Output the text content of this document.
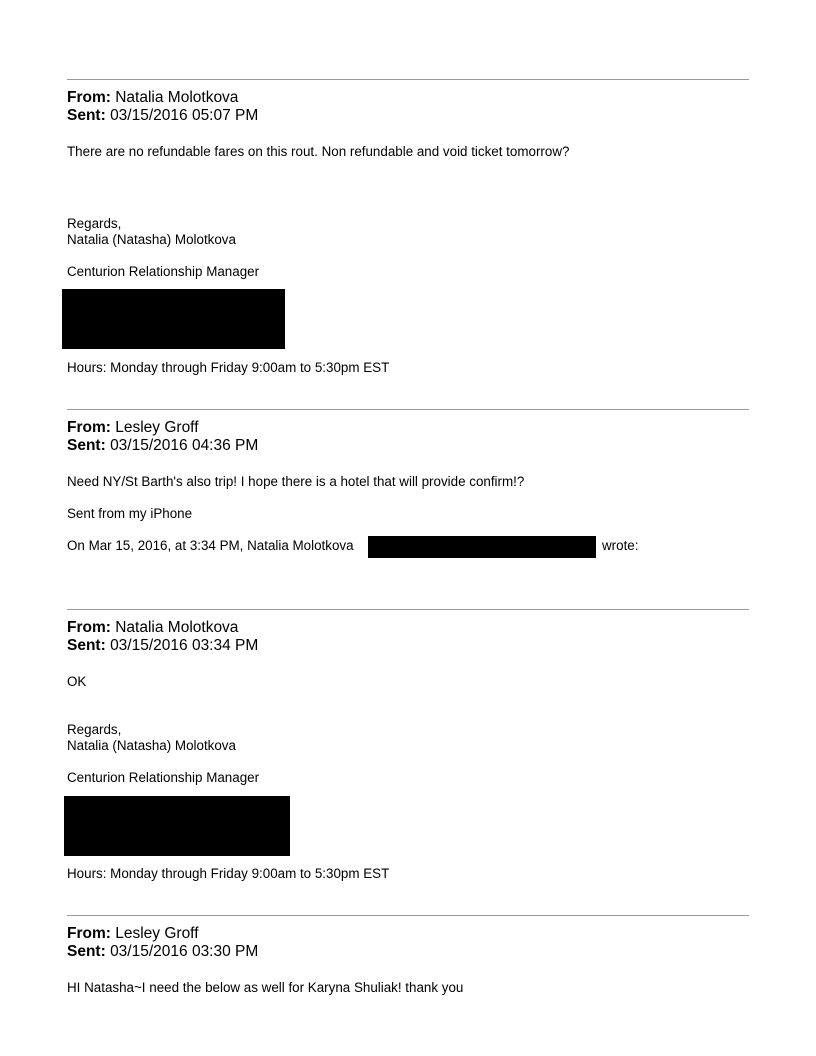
From: Natalia Molotkova
Sent: 03/15/2016 05:07 PM
There are no refundable fares on this rout. Non refundable and void ticket tomorrow?
Regards,
Natalia (Natasha) Molotkova
Centurion Relationship Manager
Hours: Monday through Friday 9:00am to 5:30pm EST
From: Lesley Groff
Sent: 03/15/2016 04:36 PM
Need NY/St Barth's also trip! I hope there is a hotel that will provide confirm!?
Sent from my iPhone
On Mar 15, 2016, at 3:34 PM, Natalia Molotkova	wrote:
From: Natalia Molotkova
Sent: 03/15/2016 03:34 PM
OK
Regards,
Natalia (Natasha) Molotkova
Centurion Relationship Manager
Hours: Monday through Friday 9:00am to 5:30pm EST
From: Lesley Groff
Sent: 03/15/2016 03:30 PM
HI Natasha~I need the below as well for Karyna Shuliak! thank you
